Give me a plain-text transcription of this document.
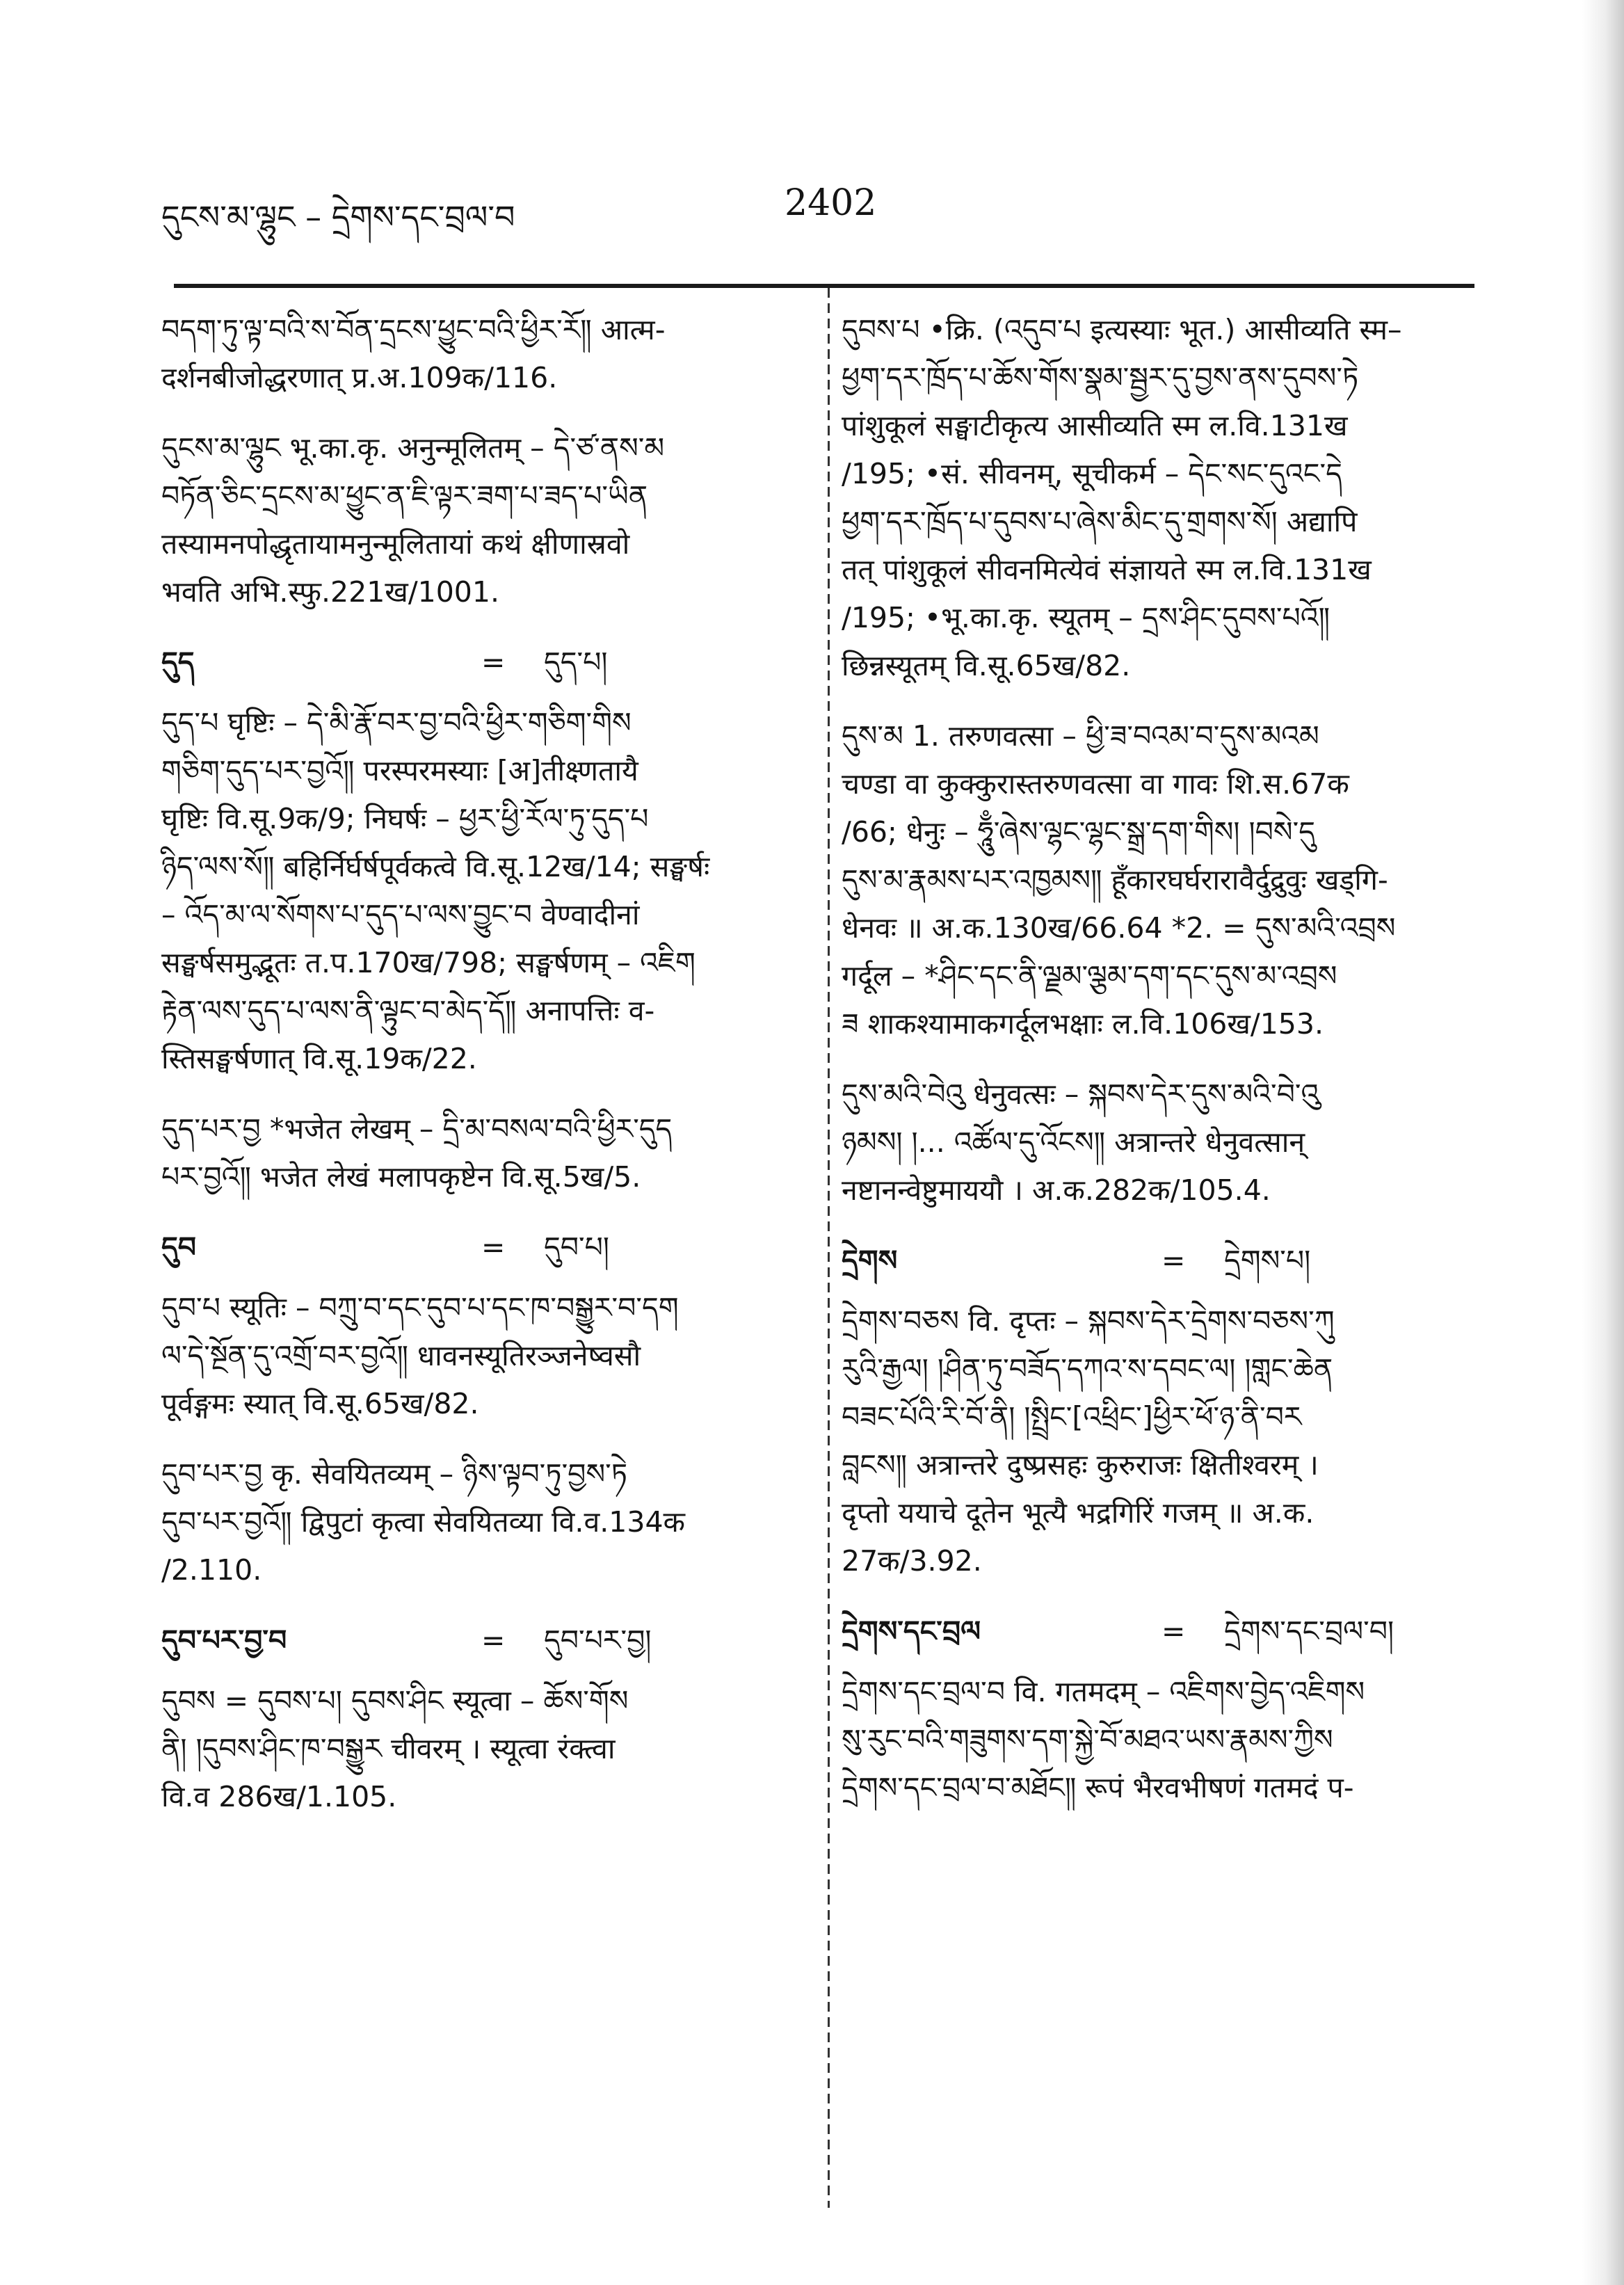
དུངས་མ་ལྷུང – དྲེགས་དང་བྲལ་བ	2402

བདག་ཏུ་ལྟ་བའི་ས་བོན་དྲངས་ཕྱུང་བའི་ཕྱིར་རོ༎ आत्म-

दर्शनबीजोद्धरणात् प्र.अ.109क/116.

དུངས་མ་ལྷུང भू.का.कृ. अनुन्मूलितम् – དེ་ཙ་ནས་མ

བཏོན་ཅིང་དྲངས་མ་ཕྱུང་ན་ཇི་ལྟར་ཟག་པ་ཟད་པ་ཡིན

तस्यामनपोद्धृतायामनुन्मूलितायां कथं क्षीणास्रवो

भवति अभि.स्फु.221ख/1001.

དུད	=	དུད་པ།

དུད་པ घृष्टिः – དེ་མི་རྣོ་བར་བྱ་བའི་ཕྱིར་གཅིག་གིས

གཅིག་དུད་པར་བྱའོ༎ परस्परमस्याः [अ]तीक्ष्णतायै

घृष्टिः वि.सू.9क/9; निघर्षः – ཕྱར་ཕྱི་རོལ་ཏུ་དུད་པ

ཉིད་ལས་སོ༎ बहिर्निर्घर्षपूर्वकत्वे वि.सू.12ख/14; सङ्घर्षः

– འོད་མ་ལ་སོགས་པ་དུད་པ་ལས་བྱུང་བ वेण्वादीनां

सङ्घर्षसमुद्भूतः त.प.170ख/798; सङ्घर्षणम् – འཇིག

རྟེན་ལས་དུད་པ་ལས་ནི་ལྟུང་བ་མེད་དོ༎ अनापत्तिः व-

स्तिसङ्घर्षणात् वि.सू.19क/22.

དུད་པར་བྱ *भजेत लेखम् – དྲི་མ་བསལ་བའི་ཕྱིར་དུད

པར་བྱའོ༎ भजेत लेखं मलापकृष्टेन वि.सू.5ख/5.

དུབ	=	དུབ་པ།

དུབ་པ स्यूतिः – བཀྲུ་བ་དང་དུབ་པ་དང་ཁ་བསྒྱུར་བ་དག

ལ་དེ་སྔོན་དུ་འགྲོ་བར་བྱའོ༎ धावनस्यूतिरञ्जनेष्वसौ

पूर्वङ्गमः स्यात् वि.सू.65ख/82.

དུབ་པར་བྱ कृ. सेवयितव्यम् – ཉིས་ལྟབ་ཏུ་བྱས་ཏེ

དུབ་པར་བྱའོ༎ द्विपुटां कृत्वा सेवयितव्या वि.व.134क

/2.110.

དུབ་པར་བྱ་བ	=	དུབ་པར་བྱ།

དུབས = དུབས་པ། དུབས་ཤིང स्यूत्वा – ཆོས་གོས

ནི། །དུབས་ཤིང་ཁ་བསྒྱུར चीवरम् । स्यूत्वा रंक्त्वा

वि.व 286ख/1.105.

དུབས་པ •क्रि. (འདུབ་པ इत्यस्याः भूत.) आसीव्यति स्म–

ཕྱག་དར་ཁྲོད་པ་ཆོས་གོས་སྣམ་སྦྱར་དུ་བྱས་ནས་དུབས་ཏེ

पांशुकूलं सङ्घाटीकृत्य आसीव्यति स्म ल.वि.131ख

/195; •सं. सीवनम्, सूचीकर्म – དེང་སང་དུའང་དེ

ཕྱག་དར་ཁྲོད་པ་དུབས་པ་ཞེས་མིང་དུ་གྲགས་སོ། अद्यापि

तत् पांशुकूलं सीवनमित्येवं संज्ञायते स्म ल.वि.131ख

/195; •भू.का.कृ. स्यूतम् – དྲས་ཤིང་དུབས་པའོ༎

छिन्नस्यूतम् वि.सू.65ख/82.

དུས་མ 1. तरुणवत्सा – ཕྱི་ཟ་བའམ་བ་དུས་མའམ

चण्डा वा कुक्कुरास्तरुणवत्सा वा गावः शि.स.67क

/66; धेनुः – ཧཱུྃ་ཞེས་ལྷང་ལྷང་སྒྲ་དག་གིས། །བསེ་དུ

དུས་མ་རྣམས་པར་འཁྱམས༎ हूँकारघर्घरारावैर्दुद्रुवुः खड्गि-

धेनवः ॥ अ.क.130ख/66.64 *2. = དུས་མའི་འབྲས

गर्दूल – *ཤིང་དང་ནི་ལྗམ་ལྕམ་དག་དང་དུས་མ་འབྲས

ཟ शाकश्यामाकगर्दूलभक्षाः ल.वि.106ख/153.

དུས་མའི་བེའུ धेनुवत्सः – སྐབས་དེར་དུས་མའི་བེ་འུ

ཉམས། །... འཚོལ་དུ་འོངས༎ अत्रान्तरे धेनुवत्सान्

नष्टानन्वेष्टुमाययौ । अ.क.282क/105.4.

དྲེགས	=	དྲེགས་པ།

དྲེགས་བཅས वि. दृप्तः – སྐབས་དེར་དྲེགས་བཅས་ཀུ

རུའི་རྒྱལ། །ཤིན་ཏུ་བཟོད་དཀའ་ས་དབང་ལ། །གླང་ཆེན

བཟང་པོའི་རི་བོ་ནི། །སྤྲིང་[འཕྲིང་]ཕྱིར་ཕོ་ཉ་ནི་བར

བླངས༎ अत्रान्तरे दुष्प्रसहः कुरुराजः क्षितीश्वरम् ।

दृप्तो ययाचे दूतेन भूत्यै भद्रगिरिं गजम् ॥ अ.क.

27क/3.92.

དྲེགས་དང་བྲལ	=	དྲེགས་དང་བྲལ་བ།

དྲེགས་དང་བྲལ་བ वि. गतमदम् – འཇིགས་བྱེད་འཇིགས

སུ་རུང་བའི་གཟུགས་དག་སྐྱེ་བོ་མཐའ་ཡས་རྣམས་ཀྱིས

དྲེགས་དང་བྲལ་བ་མཐོང༎ रूपं भैरवभीषणं गतमदं प-
